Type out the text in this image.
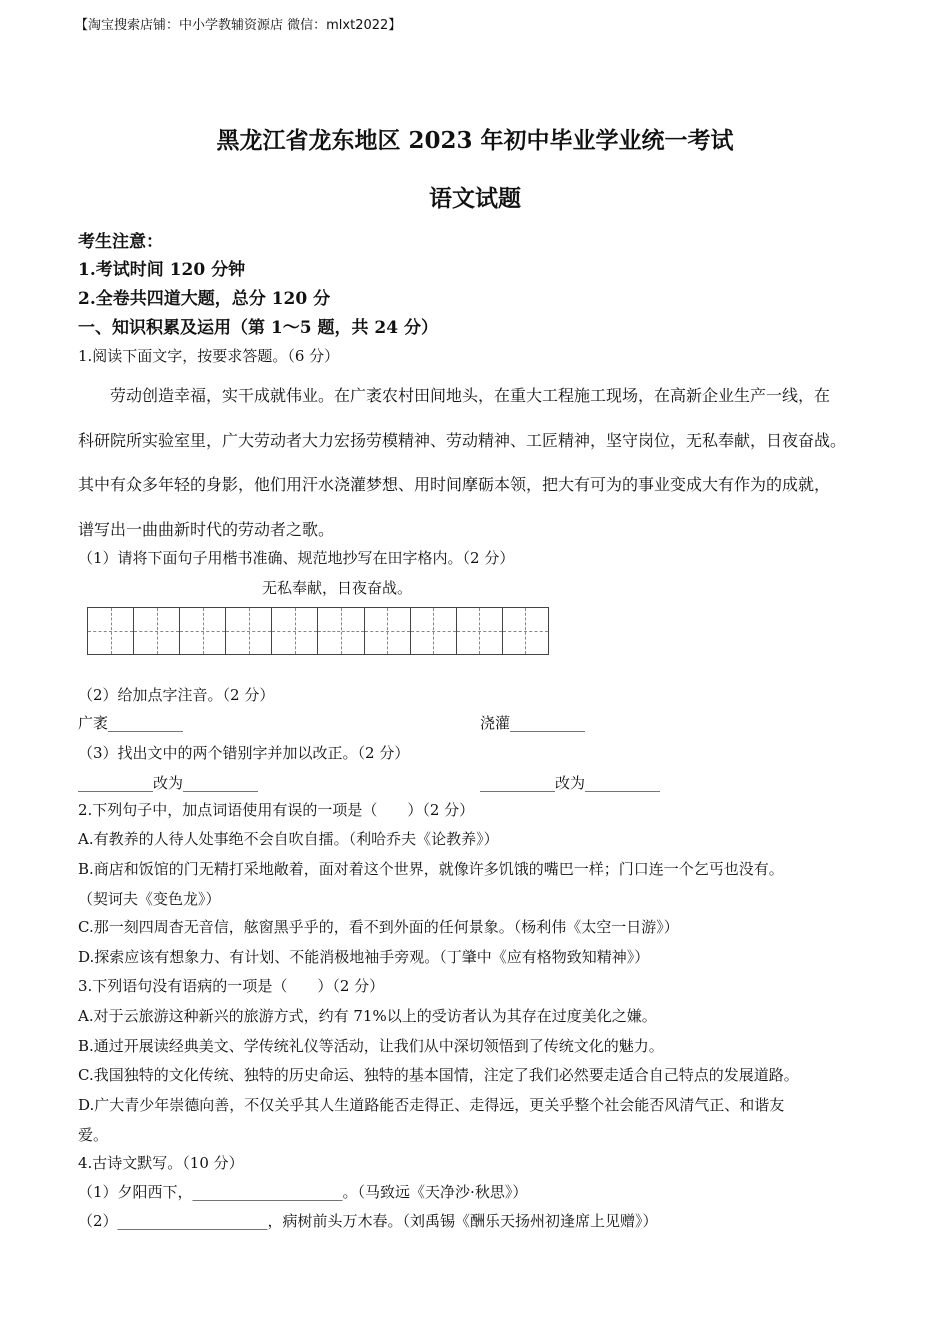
【淘宝搜索店铺：中小学教辅资源店 微信：mlxt2022】
黑龙江省龙东地区 2023 年初中毕业学业统一考试
语文试题
考生注意：
1.考试时间 120 分钟
2.全卷共四道大题，总分 120 分
一、知识积累及运用（第 1～5 题，共 24 分）
1.阅读下面文字，按要求答题。（6 分）
劳动创造幸福，实干成就伟业。在广袤农村田间地头，在重大工程施工现场，在高新企业生产一线，在
科研院所实验室里，广大劳动者大力宏扬劳模精神、劳动精神、工匠精神，坚守岗位，无私奉献，日夜奋战。
其中有众多年轻的身影，他们用汗水浇灌梦想、用时间摩砺本领，把大有可为的事业变成大有作为的成就，
谱写出一曲曲新时代的劳动者之歌。
（1）请将下面句子用楷书准确、规范地抄写在田字格内。（2 分）
无私奉献，日夜奋战。
（2）给加点字注音。（2 分）
广袤__________	浇灌__________
（3）找出文中的两个错别字并加以改正。（2 分）
__________改为__________	__________改为__________
2.下列句子中，加点词语使用有误的一项是（　　）（2 分）
A.有教养的人待人处事绝不会自吹自擂。（利哈乔夫《论教养》）
B.商店和饭馆的门无精打采地敞着，面对着这个世界，就像许多饥饿的嘴巴一样；门口连一个乞丐也没有。
（契诃夫《变色龙》）
C.那一刻四周杳无音信，舷窗黑乎乎的，看不到外面的任何景象。（杨利伟《太空一日游》）
D.探索应该有想象力、有计划、不能消极地袖手旁观。（丁肇中《应有格物致知精神》）
3.下列语句没有语病的一项是（　　）（2 分）
A.对于云旅游这种新兴的旅游方式，约有 71%以上的受访者认为其存在过度美化之嫌。
B.通过开展读经典美文、学传统礼仪等活动，让我们从中深切领悟到了传统文化的魅力。
C.我国独特的文化传统、独特的历史命运、独特的基本国情，注定了我们必然要走适合自己特点的发展道路。
D.广大青少年崇德向善，不仅关乎其人生道路能否走得正、走得远，更关乎整个社会能否风清气正、和谐友
爱。
4.古诗文默写。（10 分）
（1）夕阳西下，____________________。（马致远《天净沙·秋思》）
（2）____________________，病树前头万木春。（刘禹锡《酬乐天扬州初逢席上见赠》）
